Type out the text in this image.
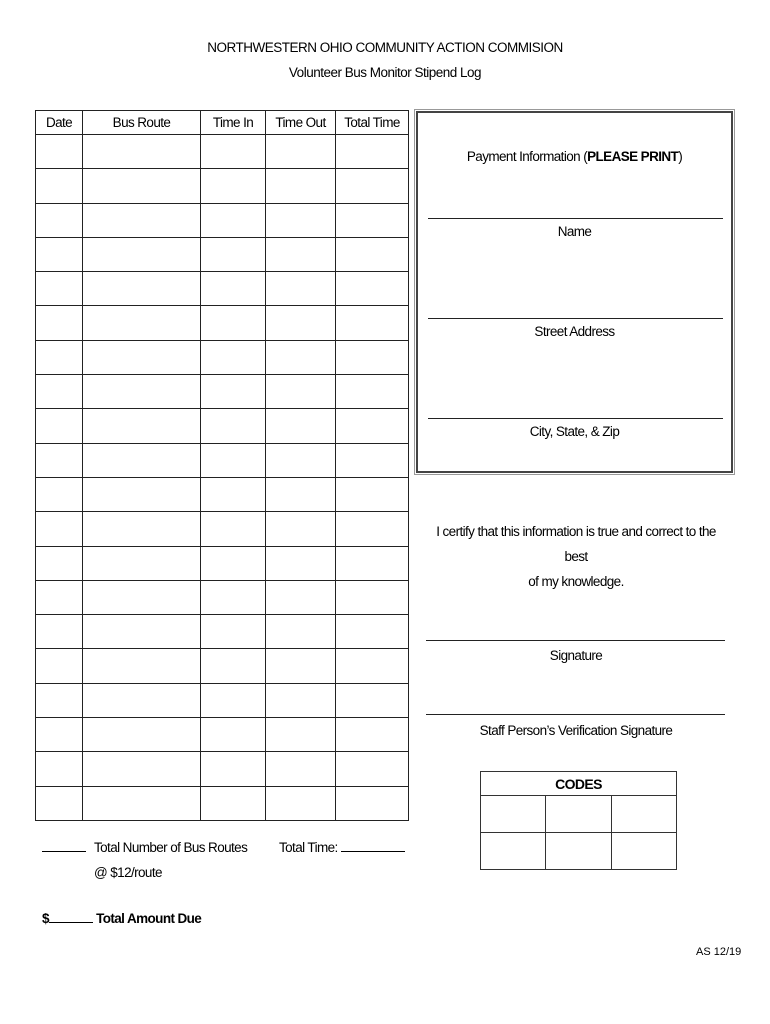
NORTHWESTERN OHIO COMMUNITY ACTION COMMISION
Volunteer Bus Monitor Stipend Log
Date	Bus Route	Time In	Time Out	Total Time

Payment Information (PLEASE PRINT)
Name
Street Address
City, State, & Zip
I certify that this information is true and correct to the best
of my knowledge.
Signature
Staff Person’s Verification Signature
CODES		

Total Number of Bus Routes
@ $12/route
Total Time:
$	Total Amount Due
AS 12/19
